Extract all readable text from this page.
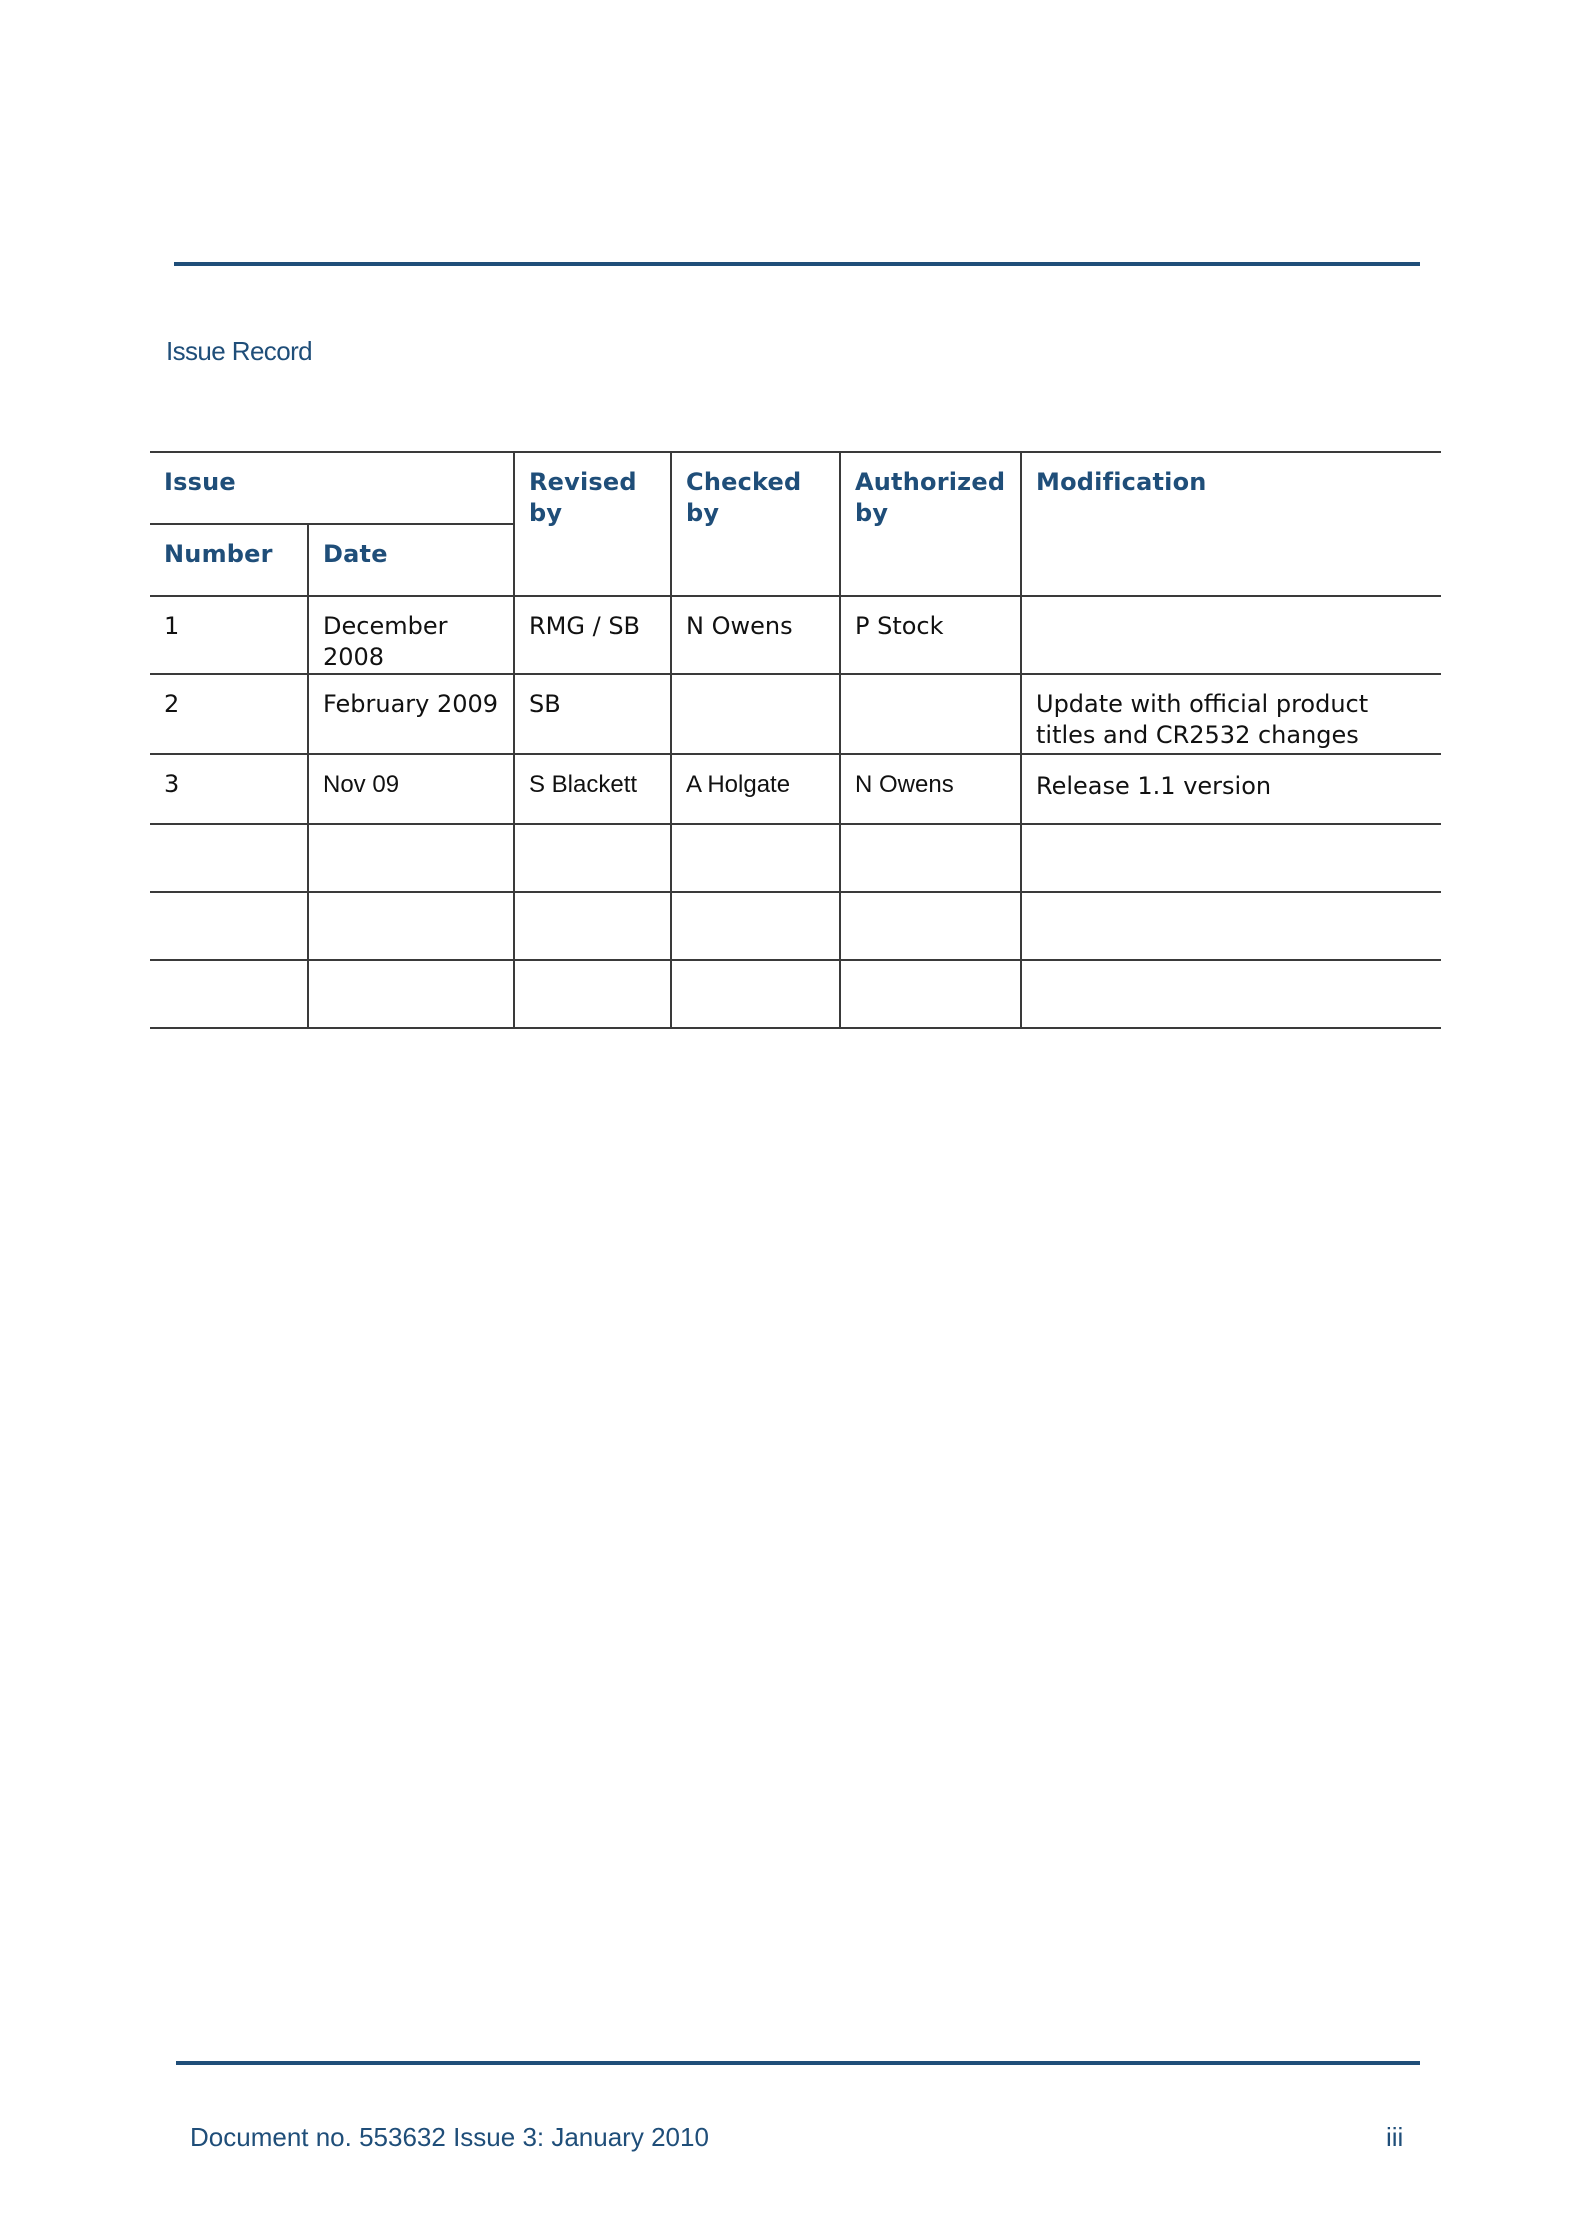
Issue Record
Issue		Revised by	Checked by	Authorized by	Modification
Number	Date				
1	December 2008	RMG / SB	N Owens	P Stock	
2	February 2009	SB			Update with official product titles and CR2532 changes
3	Nov 09	S Blackett	A Holgate	N Owens	Release 1.1 version

Document no. 553632 Issue 3: January 2010	iii
